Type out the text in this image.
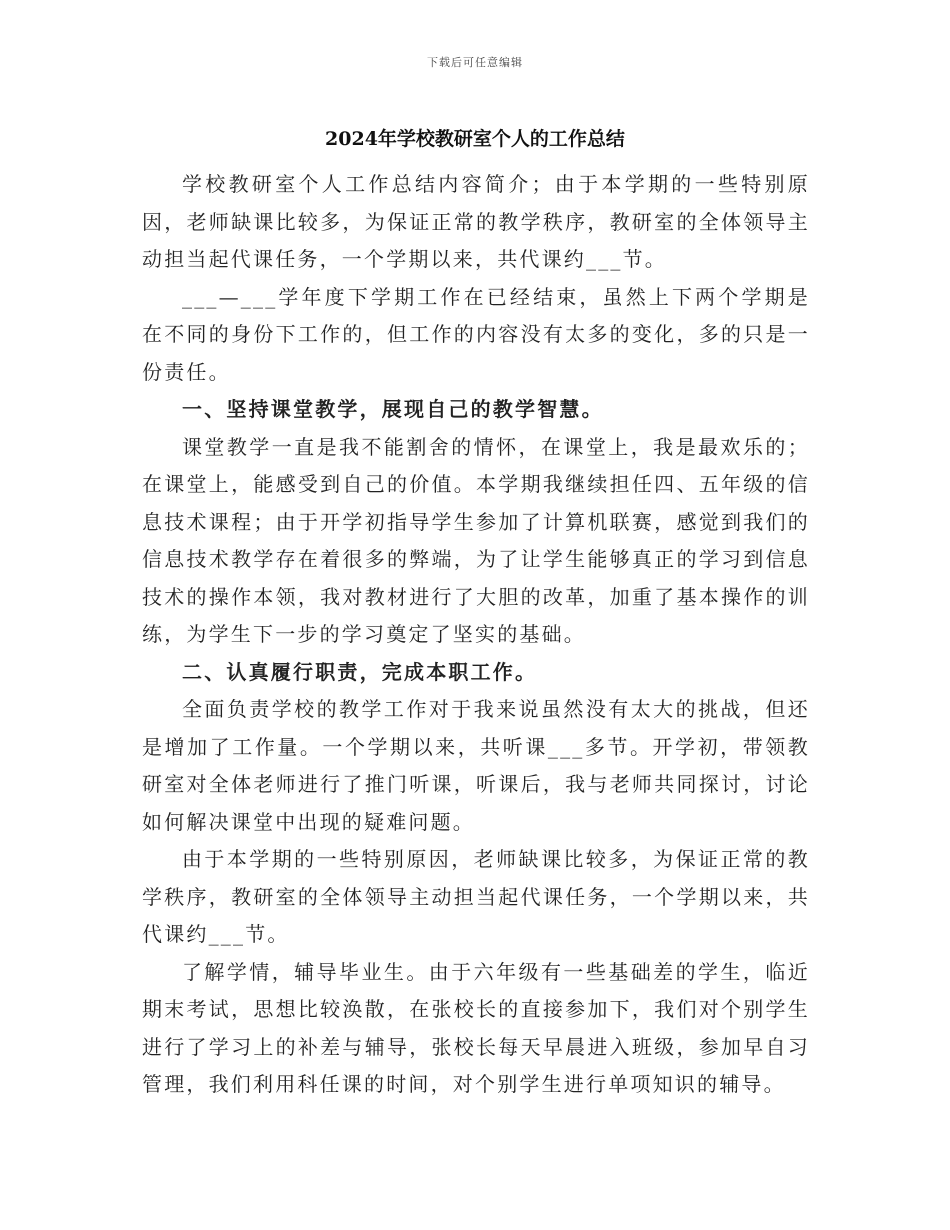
下载后可任意编辑
2024年学校教研室个人的工作总结

学校教研室个人工作总结内容简介；由于本学期的一些特别原因，老师缺课比较多，为保证正常的教学秩序，教研室的全体领导主动担当起代课任务，一个学期以来，共代课约___节。

___—___学年度下学期工作在已经结束，虽然上下两个学期是在不同的身份下工作的，但工作的内容没有太多的变化，多的只是一份责任。

一、坚持课堂教学，展现自己的教学智慧。

课堂教学一直是我不能割舍的情怀，在课堂上，我是最欢乐的；在课堂上，能感受到自己的价值。本学期我继续担任四、五年级的信息技术课程；由于开学初指导学生参加了计算机联赛，感觉到我们的信息技术教学存在着很多的弊端，为了让学生能够真正的学习到信息技术的操作本领，我对教材进行了大胆的改革，加重了基本操作的训练，为学生下一步的学习奠定了坚实的基础。

二、认真履行职责，完成本职工作。

全面负责学校的教学工作对于我来说虽然没有太大的挑战，但还是增加了工作量。一个学期以来，共听课___多节。开学初，带领教研室对全体老师进行了推门听课，听课后，我与老师共同探讨，讨论如何解决课堂中出现的疑难问题。

由于本学期的一些特别原因，老师缺课比较多，为保证正常的教学秩序，教研室的全体领导主动担当起代课任务，一个学期以来，共代课约___节。

了解学情，辅导毕业生。由于六年级有一些基础差的学生，临近期末考试，思想比较涣散，在张校长的直接参加下，我们对个别学生进行了学习上的补差与辅导，张校长每天早晨进入班级，参加早自习管理，我们利用科任课的时间，对个别学生进行单项知识的辅导。
